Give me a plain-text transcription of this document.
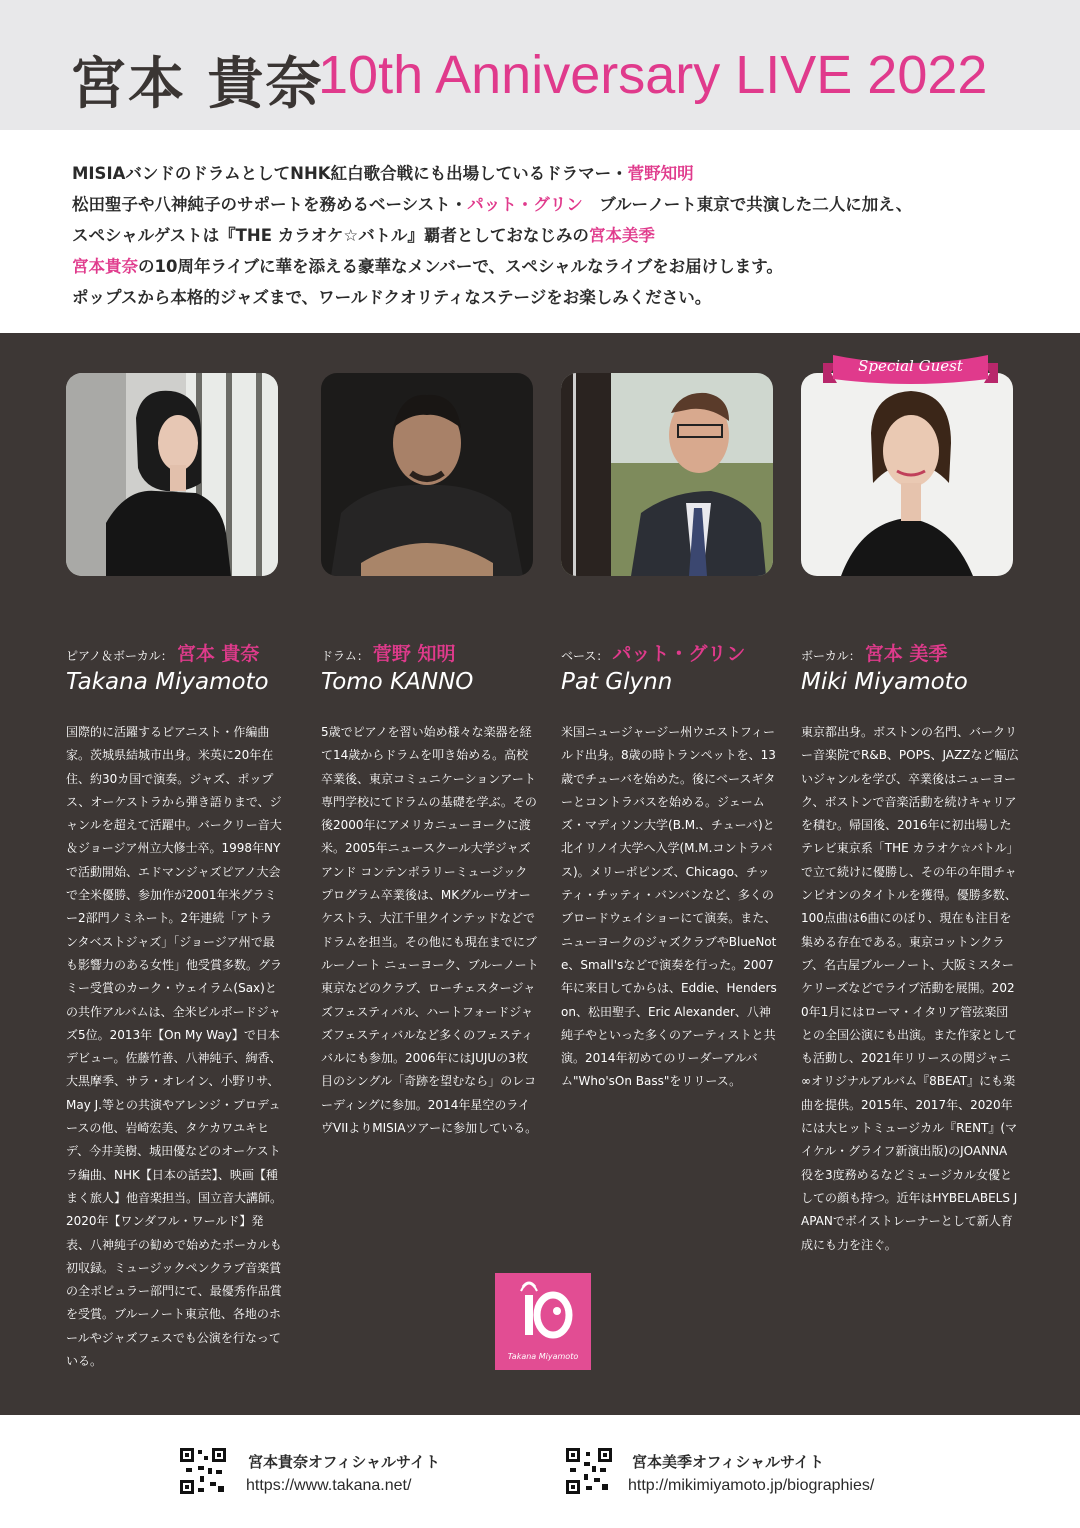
宮本 貴奈
10th Anniversary LIVE 2022
MISIAバンドのドラムとしてNHK紅白歌合戦にも出場しているドラマー・菅野知明
松田聖子や八神純子のサポートを務めるベーシスト・パット・グリン　ブルーノート東京で共演した二人に加え、
スペシャルゲストは『THE カラオケ☆バトル』覇者としておなじみの宮本美季
宮本貴奈の10周年ライブに華を添える豪華なメンバーで、スペシャルなライブをお届けします。
ポップスから本格的ジャズまで、ワールドクオリティなステージをお楽しみください。
ピアノ＆ボーカル： 宮本 貴奈
Takana Miyamoto
国際的に活躍するピアニスト・作編曲家。茨城県結城市出身。米英に20年在住、約30カ国で演奏。ジャズ、ポップス、オーケストラから弾き語りまで、ジャンルを超えて活躍中。バークリー音大＆ジョージア州立大修士卒。1998年NYで活動開始、エドマンジャズピアノ大会で全米優勝、参加作が2001年米グラミー2部門ノミネート。2年連続「アトランタベストジャズ」「ジョージア州で最も影響力のある女性」他受賞多数。グラミー受賞のカーク・ウェイラム(Sax)との共作アルバムは、全米ビルボードジャズ5位。2013年【On My Way】で日本デビュー。佐藤竹善、八神純子、絢香、大黒摩季、サラ・オレイン、小野リサ、May J.等との共演やアレンジ・プロデュースの他、岩崎宏美、タケカワユキヒデ、今井美樹、城田優などのオーケストラ編曲、NHK【日本の話芸】、映画【種まく旅人】他音楽担当。国立音大講師。2020年【ワンダフル・ワールド】発表、八神純子の勧めで始めたボーカルも初収録。ミュージックペンクラブ音楽賞の全ポピュラー部門にて、最優秀作品賞を受賞。ブルーノート東京他、各地のホールやジャズフェスでも公演を行なっている。
ドラム： 菅野 知明
Tomo KANNO
5歳でピアノを習い始め様々な楽器を経て14歳からドラムを叩き始める。高校卒業後、東京コミュニケーションアート専門学校にてドラムの基礎を学ぶ。その後2000年にアメリカニューヨークに渡米。2005年ニュースクール大学ジャズ アンド コンテンポラリーミュージックプログラム卒業後は、MKグルーヴオーケストラ、大江千里クインテッドなどでドラムを担当。その他にも現在までにブルーノート ニューヨーク、ブルーノート東京などのクラブ、ローチェスタージャズフェスティバル、ハートフォードジャズフェスティバルなど多くのフェスティバルにも参加。2006年にはJUJUの3枚目のシングル「奇跡を望むなら」のレコーディングに参加。2014年星空のライヴVIIよりMISIAツアーに参加している。
ベース： パット・グリン
Pat Glynn
米国ニュージャージー州ウエストフィールド出身。8歳の時トランペットを、13歳でチューバを始めた。後にベースギターとコントラバスを始める。ジェームズ・マディソン大学(B.M.、チューバ)と北イリノイ大学へ入学(M.M.コントラバス)。メリーポピンズ、Chicago、チッティ・チッティ・バンバンなど、多くのブロードウェイショーにて演奏。また、ニューヨークのジャズクラブやBlueNote、Small'sなどで演奏を行った。2007年に来日してからは、Eddie、Henderson、松田聖子、Eric Alexander、八神純子やといった多くのアーティストと共演。2014年初めてのリーダーアルバム"Who'sOn Bass"をリリース。
Special Guest
ボーカル： 宮本 美季
Miki Miyamoto
東京都出身。ボストンの名門、バークリー音楽院でR&B、POPS、JAZZなど幅広いジャンルを学び、卒業後はニューヨーク、ボストンで音楽活動を続けキャリアを積む。帰国後、2016年に初出場したテレビ東京系「THE カラオケ☆バトル」で立て続けに優勝し、その年の年間チャンピオンのタイトルを獲得。優勝多数、100点曲は6曲にのぼり、現在も注目を集める存在である。東京コットンクラブ、名古屋ブルーノート、大阪ミスターケリーズなどでライブ活動を展開。2020年1月にはローマ・イタリア管弦楽団との全国公演にも出演。また作家としても活動し、2021年リリースの関ジャニ∞オリジナルアルバム『8BEAT』にも楽曲を提供。2015年、2017年、2020年には大ヒットミュージカル『RENT』(マイケル・グライフ新演出版)のJOANNA役を3度務めるなどミュージカル女優としての顔も持つ。近年はHYBELABELS JAPANでボイストレーナーとして新人育成にも力を注ぐ。
Takana Miyamoto
宮本貴奈オフィシャルサイト
https://www.takana.net/
宮本美季オフィシャルサイト
http://mikimiyamoto.jp/biographies/
